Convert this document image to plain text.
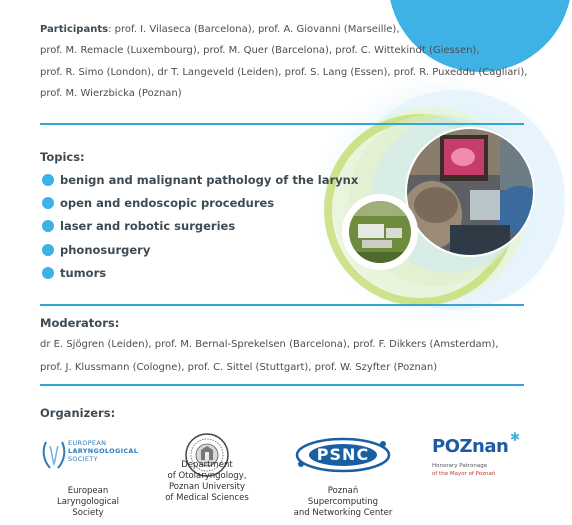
Participants: prof. I. Vilaseca (Barcelona), prof. A. Giovanni (Marseille),
prof. M. Remacle (Luxembourg), prof. M. Quer (Barcelona), prof. C. Wittekindt (Giessen),
prof. R. Simo (London), dr T. Langeveld (Leiden), prof. S. Lang (Essen), prof. R. Puxeddu (Cagliari),
prof. M. Wierzbicka (Poznan)
Topics:
benign and malignant pathology of the larynx
open and endoscopic procedures
laser and robotic surgeries
phonosurgery
tumors
Moderators:
dr E. Sjögren (Leiden), prof. M. Bernal-Sprekelsen (Barcelona), prof. F. Dikkers (Amsterdam),
prof. J. Klussmann (Cologne), prof. C. Sittel (Stuttgart), prof. W. Szyfter (Poznan)
Organizers:
EUROPEAN
LARYNGOLOGICAL
SOCIETY
European
Laryngological
Society
Department
of Otolaryngology,
Poznan University
of Medical Sciences
PSNC
Poznań
Supercomputing
and Networking Center
POZnan ✱
Honorary Patronage
of the Mayor of Poznań
